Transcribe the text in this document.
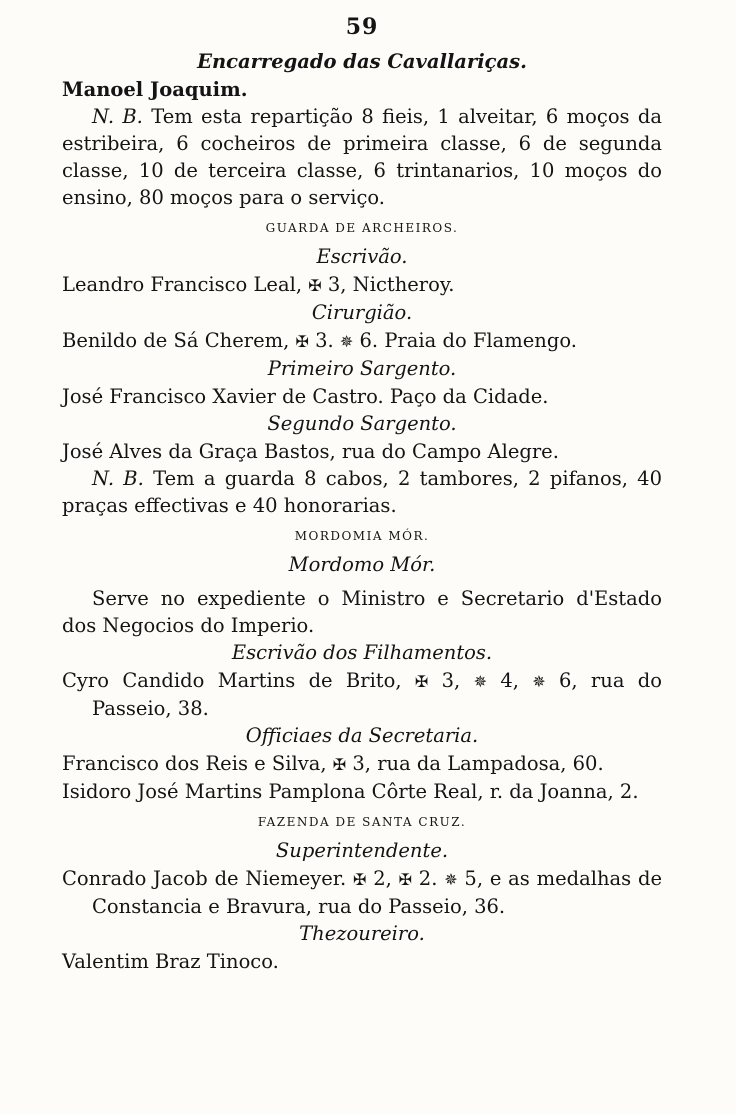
59
Encarregado das Cavallariças.
Manoel Joaquim.
N. B. Tem esta repartição 8 fieis, 1 alveitar, 6 moços da estribeira, 6 cocheiros de primeira classe, 6 de segunda classe, 10 de terceira classe, 6 trintanarios, 10 moços do ensino, 80 moços para o serviço.
GUARDA DE ARCHEIROS.
Escrivão.
Leandro Francisco Leal, ✠ 3, Nictheroy.
Cirurgião.
Benildo de Sá Cherem, ✠ 3. ✵ 6. Praia do Flamengo.
Primeiro Sargento.
José Francisco Xavier de Castro. Paço da Cidade.
Segundo Sargento.
José Alves da Graça Bastos, rua do Campo Alegre.
N. B. Tem a guarda 8 cabos, 2 tambores, 2 pifanos, 40 praças effectivas e 40 honorarias.
MORDOMIA MÓR.
Mordomo Mór.
Serve no expediente o Ministro e Secretario d'Estado dos Negocios do Imperio.
Escrivão dos Filhamentos.
Cyro Candido Martins de Brito, ✠ 3, ✵ 4, ✵ 6, rua do Passeio, 38.
Officiaes da Secretaria.
Francisco dos Reis e Silva, ✠ 3, rua da Lampadosa, 60.
Isidoro José Martins Pamplona Côrte Real, r. da Joanna, 2.
FAZENDA DE SANTA CRUZ.
Superintendente.
Conrado Jacob de Niemeyer. ✠ 2, ✠ 2. ✵ 5, e as medalhas de Constancia e Bravura, rua do Passeio, 36.
Thezoureiro.
Valentim Braz Tinoco.
